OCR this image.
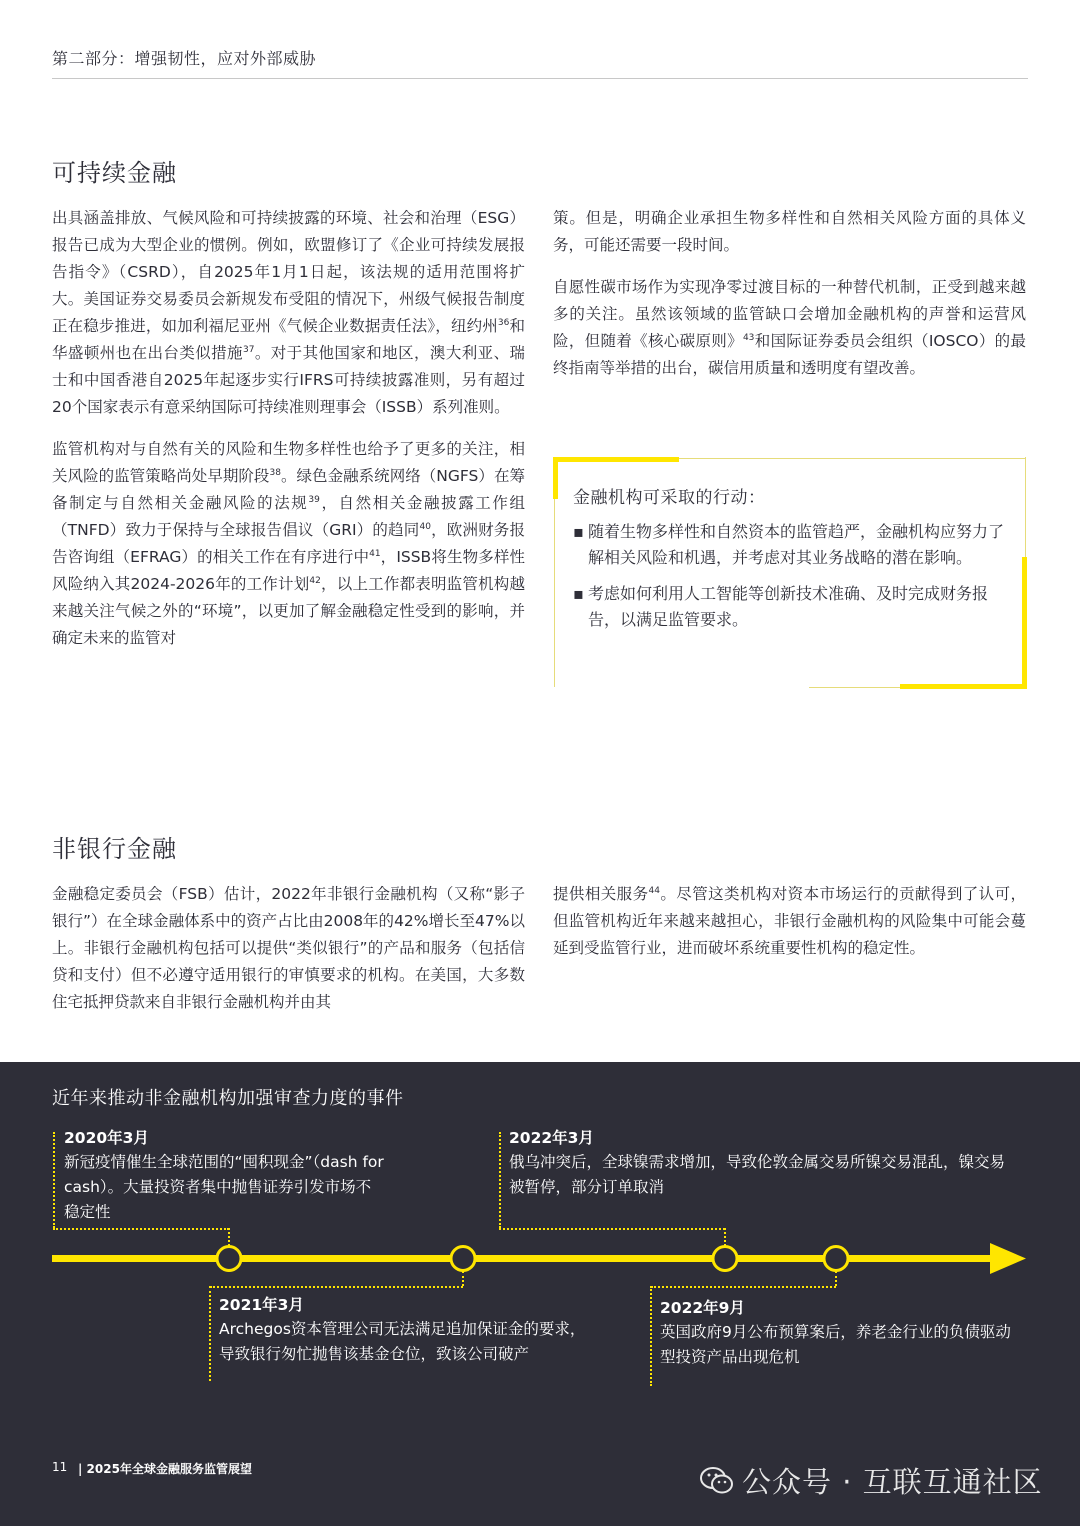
第二部分：增强韧性，应对外部威胁
可持续金融

出具涵盖排放、气候风险和可持续披露的环境、社会和治理（ESG）报告已成为大型企业的惯例。例如，欧盟修订了《企业可持续发展报告指令》（CSRD），自2025年1月1日起，该法规的适用范围将扩大。美国证券交易委员会新规发布受阻的情况下，州级气候报告制度正在稳步推进，如加利福尼亚州《气候企业数据责任法》，纽约州$^{36}$和华盛顿州也在出台类似措施$^{37}$。对于其他国家和地区，澳大利亚、瑞士和中国香港自2025年起逐步实行IFRS可持续披露准则，另有超过20个国家表示有意采纳国际可持续准则理事会（ISSB）系列准则。

监管机构对与自然有关的风险和生物多样性也给予了更多的关注，相关风险的监管策略尚处早期阶段$^{38}$。绿色金融系统网络（NGFS）在筹备制定与自然相关金融风险的法规$^{39}$，自然相关金融披露工作组（TNFD）致力于保持与全球报告倡议（GRI）的趋同$^{40}$，欧洲财务报告咨询组（EFRAG）的相关工作在有序进行中$^{41}$，ISSB将生物多样性风险纳入其2024-2026年的工作计划$^{42}$，以上工作都表明监管机构越来越关注气候之外的“环境”，以更加了解金融稳定性受到的影响，并确定未来的监管对

策。但是，明确企业承担生物多样性和自然相关风险方面的具体义务，可能还需要一段时间。

自愿性碳市场作为实现净零过渡目标的一种替代机制，正受到越来越多的关注。虽然该领域的监管缺口会增加金融机构的声誉和运营风险，但随着《核心碳原则》$^{43}$和国际证券委员会组织（IOSCO）的最终指南等举措的出台，碳信用质量和透明度有望改善。

金融机构可采取的行动：
▪ 随着生物多样性和自然资本的监管趋严，金融机构应努力了解相关风险和机遇，并考虑对其业务战略的潜在影响。
▪ 考虑如何利用人工智能等创新技术准确、及时完成财务报告，以满足监管要求。
非银行金融

金融稳定委员会（FSB）估计，2022年非银行金融机构（又称“影子银行”）在全球金融体系中的资产占比由2008年的42%增长至47%以上。非银行金融机构包括可以提供“类似银行”的产品和服务（包括信贷和支付）但不必遵守适用银行的审慎要求的机构。在美国，大多数住宅抵押贷款来自非银行金融机构并由其

提供相关服务$^{44}$。尽管这类机构对资本市场运行的贡献得到了认可，但监管机构近年来越来越担心，非银行金融机构的风险集中可能会蔓延到受监管行业，进而破坏系统重要性机构的稳定性。

近年来推动非金融机构加强审查力度的事件
2020年3月
新冠疫情催生全球范围的“囤积现金”（dash for cash）。大量投资者集中抛售证券引发市场不稳定性
2021年3月
Archegos资本管理公司无法满足追加保证金的要求，导致银行匆忙抛售该基金仓位，致该公司破产
2022年3月
俄乌冲突后，全球镍需求增加，导致伦敦金属交易所镍交易混乱，镍交易被暂停，部分订单取消
2022年9月
英国政府9月公布预算案后，养老金行业的负债驱动型投资产品出现危机
11 | 2025年全球金融服务监管展望	公众号 · 互联互通社区
